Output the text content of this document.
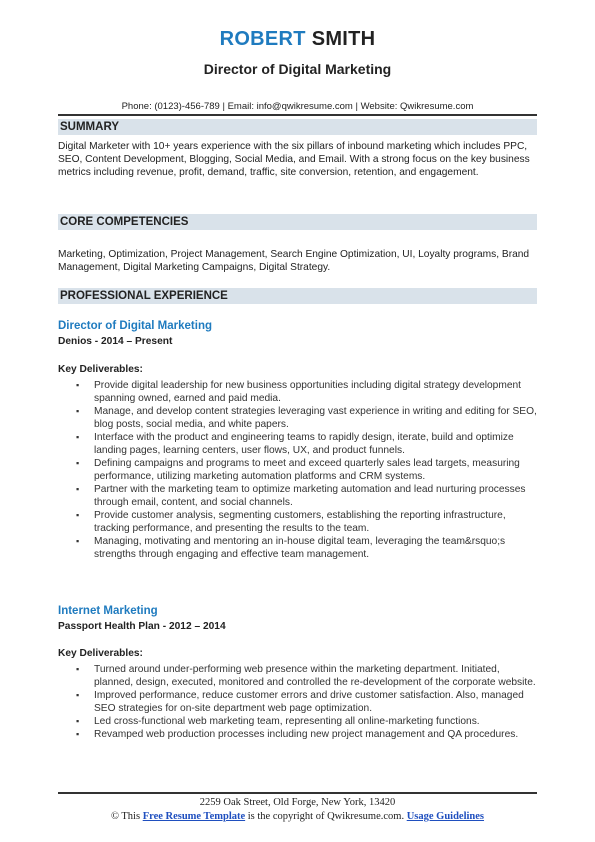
ROBERT SMITH
Director of Digital Marketing
Phone: (0123)-456-789 | Email: info@qwikresume.com | Website: Qwikresume.com
SUMMARY
Digital Marketer with 10+ years experience with the six pillars of inbound marketing which includes PPC, SEO, Content Development, Blogging, Social Media, and Email. With a strong focus on the key business metrics including revenue, profit, demand, traffic, site conversion, retention, and engagement.
CORE COMPETENCIES
Marketing, Optimization, Project Management, Search Engine Optimization, UI, Loyalty programs, Brand Management, Digital Marketing Campaigns, Digital Strategy.
PROFESSIONAL EXPERIENCE
Director of Digital Marketing
Denios - 2014 – Present
Key Deliverables:
▪ Provide digital leadership for new business opportunities including digital strategy development spanning owned, earned and paid media.
▪ Manage, and develop content strategies leveraging vast experience in writing and editing for SEO, blog posts, social media, and white papers.
▪ Interface with the product and engineering teams to rapidly design, iterate, build and optimize landing pages, learning centers, user flows, UX, and product funnels.
▪ Defining campaigns and programs to meet and exceed quarterly sales lead targets, measuring performance, utilizing marketing automation platforms and CRM systems.
▪ Partner with the marketing team to optimize marketing automation and lead nurturing processes through email, content, and social channels.
▪ Provide customer analysis, segmenting customers, establishing the reporting infrastructure, tracking performance, and presenting the results to the team.
▪ Managing, motivating and mentoring an in-house digital team, leveraging the team&rsquo;s strengths through engaging and effective team management.
Internet Marketing
Passport Health Plan - 2012 – 2014
Key Deliverables:
▪ Turned around under-performing web presence within the marketing department. Initiated, planned, design, executed, monitored and controlled the re-development of the corporate website.
▪ Improved performance, reduce customer errors and drive customer satisfaction. Also, managed SEO strategies for on-site department web page optimization.
▪ Led cross-functional web marketing team, representing all online-marketing functions.
▪ Revamped web production processes including new project management and QA procedures.
2259 Oak Street, Old Forge, New York, 13420
© This Free Resume Template is the copyright of Qwikresume.com. Usage Guidelines
